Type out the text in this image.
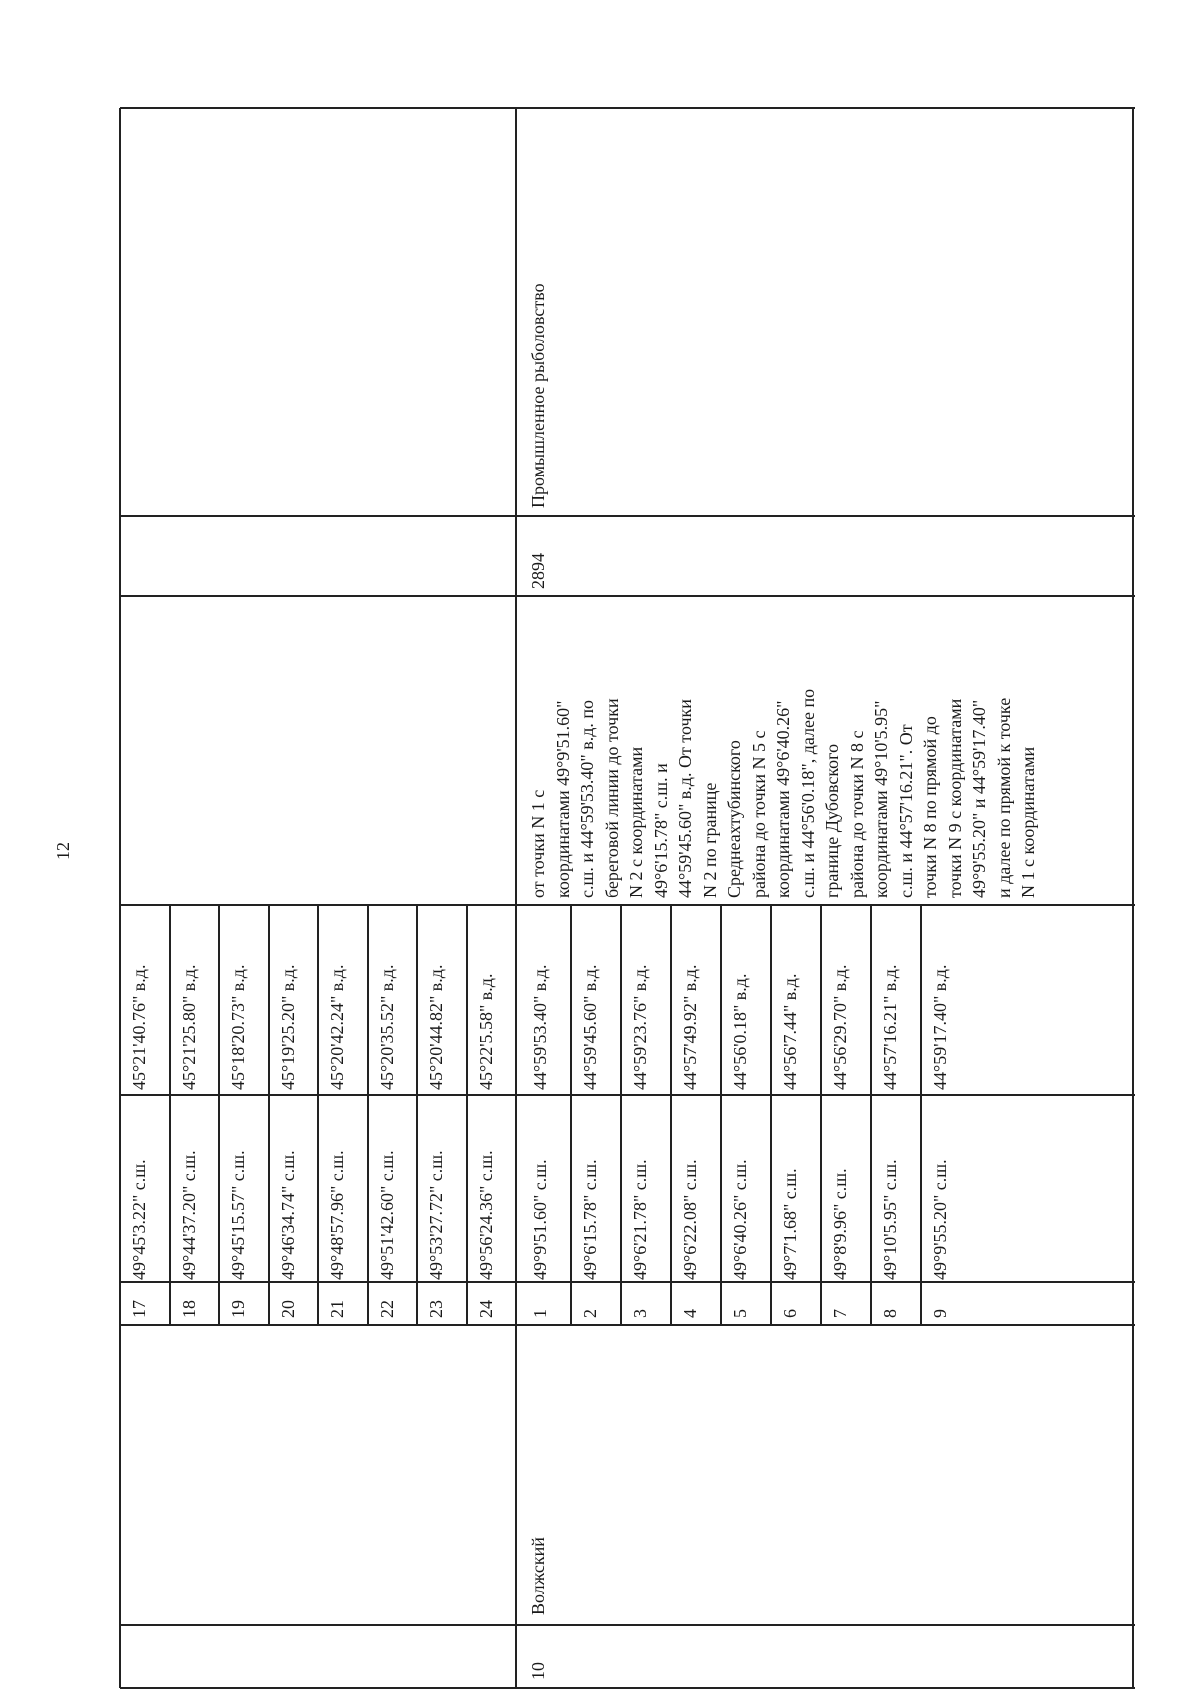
12
17
49°45'3.22" с.ш.
45°21'40.76" в.д.
18
49°44'37.20" с.ш.
45°21'25.80" в.д.
19
49°45'15.57" с.ш.
45°18'20.73" в.д.
20
49°46'34.74" с.ш.
45°19'25.20" в.д.
21
49°48'57.96" с.ш.
45°20'42.24" в.д.
22
49°51'42.60" с.ш.
45°20'35.52" в.д.
23
49°53'27.72" с.ш.
45°20'44.82" в.д.
24
49°56'24.36" с.ш.
45°22'5.58" в.д.
1
49°9'51.60" с.ш.
44°59'53.40" в.д.
2
49°6'15.78" с.ш.
44°59'45.60" в.д.
3
49°6'21.78" с.ш.
44°59'23.76" в.д.
4
49°6'22.08" с.ш.
44°57'49.92" в.д.
5
49°6'40.26" с.ш.
44°56'0.18" в.д.
6
49°7'1.68" с.ш.
44°56'7.44" в.д.
7
49°8'9.96" с.ш.
44°56'29.70" в.д.
8
49°10'5.95" с.ш.
44°57'16.21" в.д.
9
49°9'55.20" с.ш.
44°59'17.40" в.д.
10
Волжский
2894
Промышленное рыболовство
от точки N 1 с координатами 49°9'51.60" с.ш. и 44°59'53.40" в.д. по береговой линии до точки N 2 с координатами 49°6'15.78" с.ш. и 44°59'45.60" в.д. От точки N 2 по границе Среднеахтубинского района до точки N 5 с координатами 49°6'40.26" с.ш. и 44°56'0.18", далее по границе Дубовского района до точки N 8 с координатами 49°10'5.95" с.ш. и 44°57'16.21". От точки N 8 по прямой до точки N 9 с координатами 49°9'55.20" и 44°59'17.40" и далее по прямой к точке N 1 с координатами
